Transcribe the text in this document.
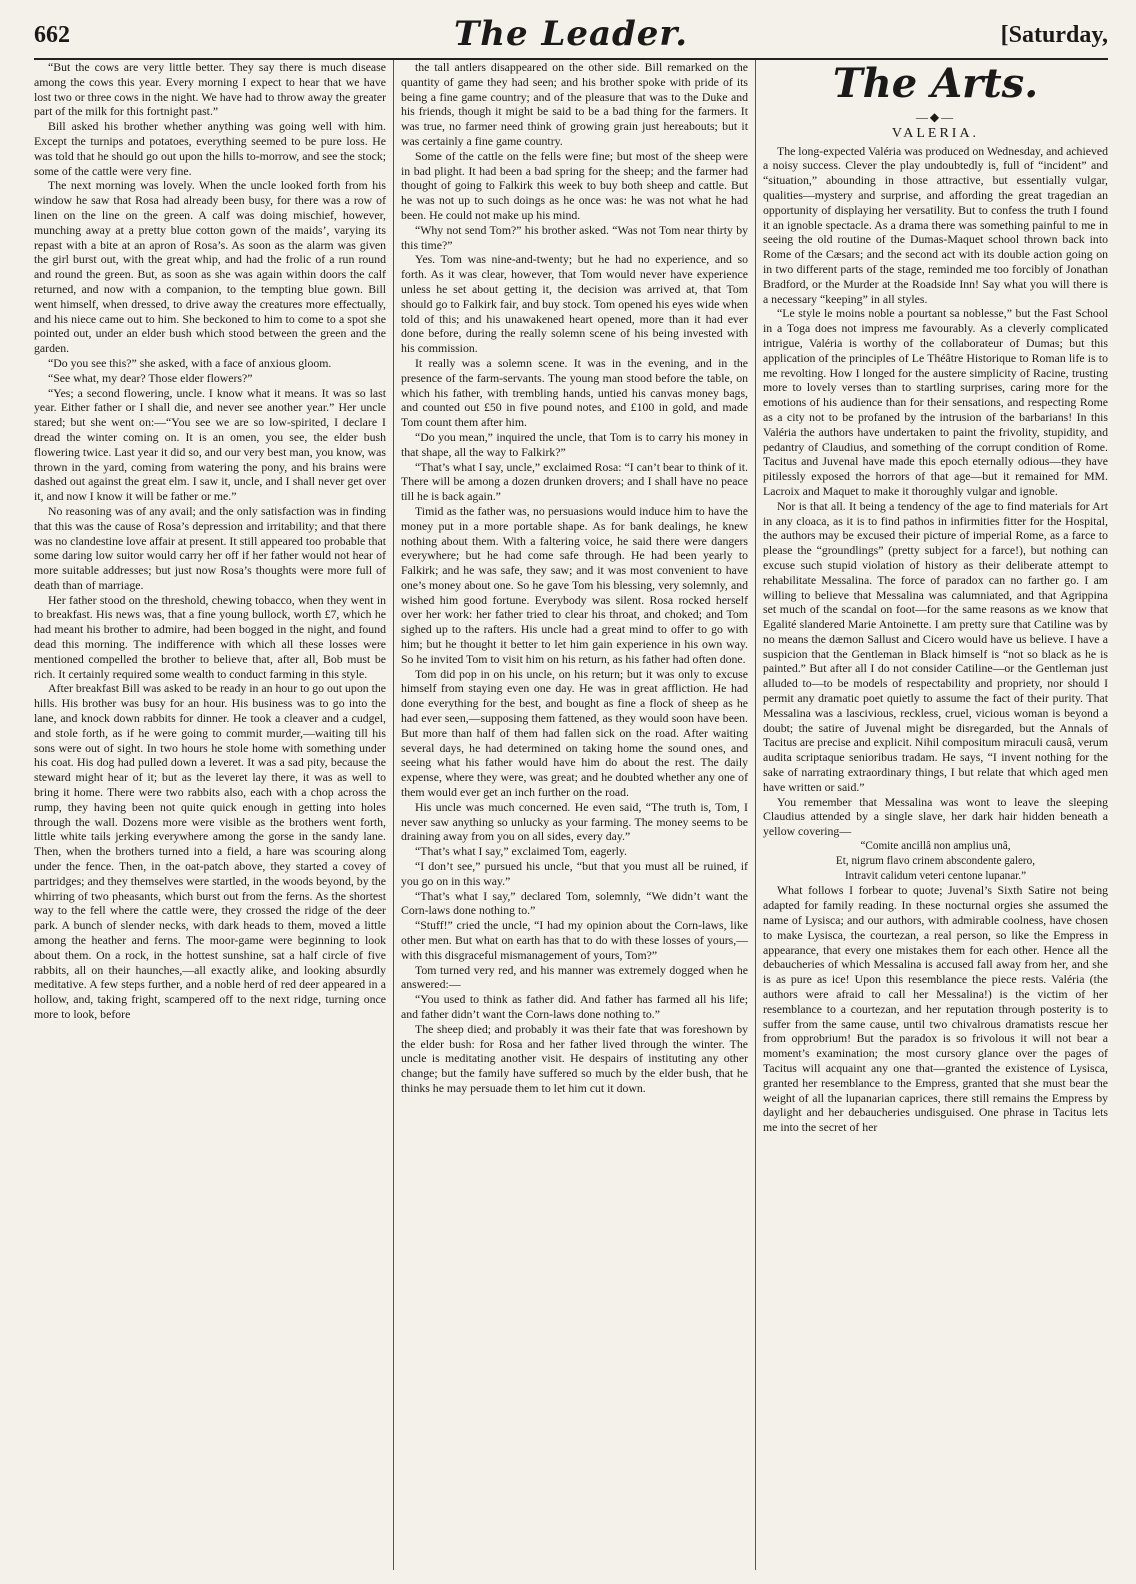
662	The Leader.	[Saturday,

“But the cows are very little better. They say there is much disease among the cows this year. Every morning I expect to hear that we have lost two or three cows in the night. We have had to throw away the greater part of the milk for this fortnight past.”

Bill asked his brother whether anything was going well with him. Except the turnips and potatoes, everything seemed to be pure loss. He was told that he should go out upon the hills to-morrow, and see the stock; some of the cattle were very fine.

The next morning was lovely. When the uncle looked forth from his window he saw that Rosa had already been busy, for there was a row of linen on the line on the green. A calf was doing mischief, however, munching away at a pretty blue cotton gown of the maids’, varying its repast with a bite at an apron of Rosa’s. As soon as the alarm was given the girl burst out, with the great whip, and had the frolic of a run round and round the green. But, as soon as she was again within doors the calf returned, and now with a companion, to the tempting blue gown. Bill went himself, when dressed, to drive away the creatures more effectually, and his niece came out to him. She beckoned to him to come to a spot she pointed out, under an elder bush which stood between the green and the garden.

“Do you see this?” she asked, with a face of anxious gloom.

“See what, my dear? Those elder flowers?”

“Yes; a second flowering, uncle. I know what it means. It was so last year. Either father or I shall die, and never see another year.” Her uncle stared; but she went on:—“You see we are so low-spirited, I declare I dread the winter coming on. It is an omen, you see, the elder bush flowering twice. Last year it did so, and our very best man, you know, was thrown in the yard, coming from watering the pony, and his brains were dashed out against the great elm. I saw it, uncle, and I shall never get over it, and now I know it will be father or me.”

No reasoning was of any avail; and the only satisfaction was in finding that this was the cause of Rosa’s depression and irritability; and that there was no clandestine love affair at present. It still appeared too probable that some daring low suitor would carry her off if her father would not hear of more suitable addresses; but just now Rosa’s thoughts were more full of death than of marriage.

Her father stood on the threshold, chewing tobacco, when they went in to breakfast. His news was, that a fine young bullock, worth £7, which he had meant his brother to admire, had been bogged in the night, and found dead this morning. The indifference with which all these losses were mentioned compelled the brother to believe that, after all, Bob must be rich. It certainly required some wealth to conduct farming in this style.

After breakfast Bill was asked to be ready in an hour to go out upon the hills. His brother was busy for an hour. His business was to go into the lane, and knock down rabbits for dinner. He took a cleaver and a cudgel, and stole forth, as if he were going to commit murder,—waiting till his sons were out of sight. In two hours he stole home with something under his coat. His dog had pulled down a leveret. It was a sad pity, because the steward might hear of it; but as the leveret lay there, it was as well to bring it home. There were two rabbits also, each with a chop across the rump, they having been not quite quick enough in getting into holes through the wall. Dozens more were visible as the brothers went forth, little white tails jerking everywhere among the gorse in the sandy lane. Then, when the brothers turned into a field, a hare was scouring along under the fence. Then, in the oat-patch above, they started a covey of partridges; and they themselves were startled, in the woods beyond, by the whirring of two pheasants, which burst out from the ferns. As the shortest way to the fell where the cattle were, they crossed the ridge of the deer park. A bunch of slender necks, with dark heads to them, moved a little among the heather and ferns. The moor-game were beginning to look about them. On a rock, in the hottest sunshine, sat a half circle of five rabbits, all on their haunches,—all exactly alike, and looking absurdly meditative. A few steps further, and a noble herd of red deer appeared in a hollow, and, taking fright, scampered off to the next ridge, turning once more to look, before

the tall antlers disappeared on the other side. Bill remarked on the quantity of game they had seen; and his brother spoke with pride of its being a fine game country; and of the pleasure that was to the Duke and his friends, though it might be said to be a bad thing for the farmers. It was true, no farmer need think of growing grain just hereabouts; but it was certainly a fine game country.

Some of the cattle on the fells were fine; but most of the sheep were in bad plight. It had been a bad spring for the sheep; and the farmer had thought of going to Falkirk this week to buy both sheep and cattle. But he was not up to such doings as he once was: he was not what he had been. He could not make up his mind.

“Why not send Tom?” his brother asked. “Was not Tom near thirty by this time?”

Yes. Tom was nine-and-twenty; but he had no experience, and so forth. As it was clear, however, that Tom would never have experience unless he set about getting it, the decision was arrived at, that Tom should go to Falkirk fair, and buy stock. Tom opened his eyes wide when told of this; and his unawakened heart opened, more than it had ever done before, during the really solemn scene of his being invested with his commission.

It really was a solemn scene. It was in the evening, and in the presence of the farm-servants. The young man stood before the table, on which his father, with trembling hands, untied his canvas money bags, and counted out £50 in five pound notes, and £100 in gold, and made Tom count them after him.

“Do you mean,” inquired the uncle, that Tom is to carry his money in that shape, all the way to Falkirk?”

“That’s what I say, uncle,” exclaimed Rosa: “I can’t bear to think of it. There will be among a dozen drunken drovers; and I shall have no peace till he is back again.”

Timid as the father was, no persuasions would induce him to have the money put in a more portable shape. As for bank dealings, he knew nothing about them. With a faltering voice, he said there were dangers everywhere; but he had come safe through. He had been yearly to Falkirk; and he was safe, they saw; and it was most convenient to have one’s money about one. So he gave Tom his blessing, very solemnly, and wished him good fortune. Everybody was silent. Rosa rocked herself over her work: her father tried to clear his throat, and choked; and Tom sighed up to the rafters. His uncle had a great mind to offer to go with him; but he thought it better to let him gain experience in his own way. So he invited Tom to visit him on his return, as his father had often done.

Tom did pop in on his uncle, on his return; but it was only to excuse himself from staying even one day. He was in great affliction. He had done everything for the best, and bought as fine a flock of sheep as he had ever seen,—supposing them fattened, as they would soon have been. But more than half of them had fallen sick on the road. After waiting several days, he had determined on taking home the sound ones, and seeing what his father would have him do about the rest. The daily expense, where they were, was great; and he doubted whether any one of them would ever get an inch further on the road.

His uncle was much concerned. He even said, “The truth is, Tom, I never saw anything so unlucky as your farming. The money seems to be draining away from you on all sides, every day.”

“That’s what I say,” exclaimed Tom, eagerly.

“I don’t see,” pursued his uncle, “but that you must all be ruined, if you go on in this way.”

“That’s what I say,” declared Tom, solemnly, “We didn’t want the Corn-laws done nothing to.”

“Stuff!” cried the uncle, “I had my opinion about the Corn-laws, like other men. But what on earth has that to do with these losses of yours,—with this disgraceful mismanagement of yours, Tom?”

Tom turned very red, and his manner was extremely dogged when he answered:—

“You used to think as father did. And father has farmed all his life; and father didn’t want the Corn-laws done nothing to.”

The sheep died; and probably it was their fate that was foreshown by the elder bush: for Rosa and her father lived through the winter. The uncle is meditating another visit. He despairs of instituting any other change; but the family have suffered so much by the elder bush, that he thinks he may persuade them to let him cut it down.

The Arts.
—◆—
VALERIA.

The long-expected Valéria was produced on Wednesday, and achieved a noisy success. Clever the play undoubtedly is, full of “incident” and “situation,” abounding in those attractive, but essentially vulgar, qualities—mystery and surprise, and affording the great tragedian an opportunity of displaying her versatility. But to confess the truth I found it an ignoble spectacle. As a drama there was something painful to me in seeing the old routine of the Dumas-Maquet school thrown back into Rome of the Cæsars; and the second act with its double action going on in two different parts of the stage, reminded me too forcibly of Jonathan Bradford, or the Murder at the Roadside Inn! Say what you will there is a necessary “keeping” in all styles.

“Le style le moins noble a pourtant sa noblesse,” but the Fast School in a Toga does not impress me favourably. As a cleverly complicated intrigue, Valéria is worthy of the collaborateur of Dumas; but this application of the principles of Le Théâtre Historique to Roman life is to me revolting. How I longed for the austere simplicity of Racine, trusting more to lovely verses than to startling surprises, caring more for the emotions of his audience than for their sensations, and respecting Rome as a city not to be profaned by the intrusion of the barbarians! In this Valéria the authors have undertaken to paint the frivolity, stupidity, and pedantry of Claudius, and something of the corrupt condition of Rome. Tacitus and Juvenal have made this epoch eternally odious—they have pitilessly exposed the horrors of that age—but it remained for MM. Lacroix and Maquet to make it thoroughly vulgar and ignoble.

Nor is that all. It being a tendency of the age to find materials for Art in any cloaca, as it is to find pathos in infirmities fitter for the Hospital, the authors may be excused their picture of imperial Rome, as a farce to please the “groundlings” (pretty subject for a farce!), but nothing can excuse such stupid violation of history as their deliberate attempt to rehabilitate Messalina. The force of paradox can no farther go. I am willing to believe that Messalina was calumniated, and that Agrippina set much of the scandal on foot—for the same reasons as we know that Egalité slandered Marie Antoinette. I am pretty sure that Catiline was by no means the dæmon Sallust and Cicero would have us believe. I have a suspicion that the Gentleman in Black himself is “not so black as he is painted.” But after all I do not consider Catiline—or the Gentleman just alluded to—to be models of respectability and propriety, nor should I permit any dramatic poet quietly to assume the fact of their purity. That Messalina was a lascivious, reckless, cruel, vicious woman is beyond a doubt; the satire of Juvenal might be disregarded, but the Annals of Tacitus are precise and explicit. Nihil compositum miraculi causâ, verum audita scriptaque senioribus tradam. He says, “I invent nothing for the sake of narrating extraordinary things, I but relate that which aged men have written or said.”

You remember that Messalina was wont to leave the sleeping Claudius attended by a single slave, her dark hair hidden beneath a yellow covering—

“Comite ancillâ non amplius unâ,

Et, nigrum flavo crinem abscondente galero,

Intravit calidum veteri centone lupanar.”

What follows I forbear to quote; Juvenal’s Sixth Satire not being adapted for family reading. In these nocturnal orgies she assumed the name of Lysisca; and our authors, with admirable coolness, have chosen to make Lysisca, the courtezan, a real person, so like the Empress in appearance, that every one mistakes them for each other. Hence all the debaucheries of which Messalina is accused fall away from her, and she is as pure as ice! Upon this resemblance the piece rests. Valéria (the authors were afraid to call her Messalina!) is the victim of her resemblance to a courtezan, and her reputation through posterity is to suffer from the same cause, until two chivalrous dramatists rescue her from opprobrium! But the paradox is so frivolous it will not bear a moment’s examination; the most cursory glance over the pages of Tacitus will acquaint any one that—granted the existence of Lysisca, granted her resemblance to the Empress, granted that she must bear the weight of all the lupanarian caprices, there still remains the Empress by daylight and her debaucheries undisguised. One phrase in Tacitus lets me into the secret of her
